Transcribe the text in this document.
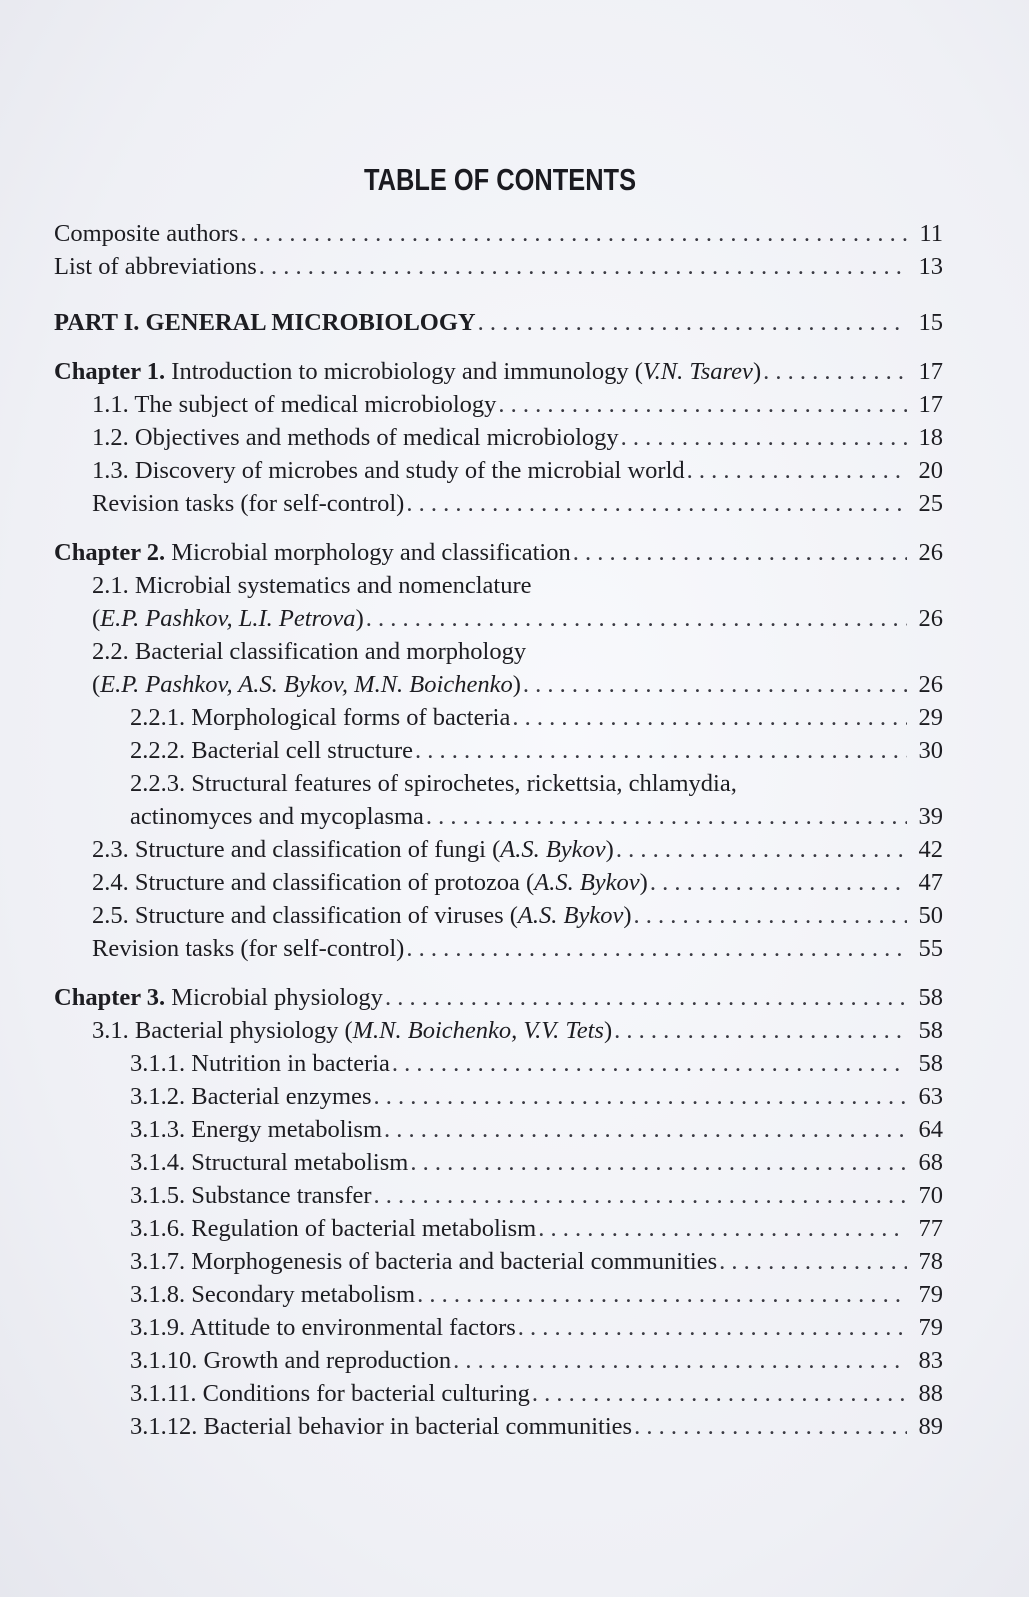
TABLE OF CONTENTS
Composite authors . . .	11
List of abbreviations . . .	13
PART I. GENERAL MICROBIOLOGY . . .	15
Chapter 1. Introduction to microbiology and immunology (V.N. Tsarev) . . .	17
1.1. The subject of medical microbiology . . .	17
1.2. Objectives and methods of medical microbiology . . .	18
1.3. Discovery of microbes and study of the microbial world . . .	20
Revision tasks (for self-control) . . .	25
Chapter 2. Microbial morphology and classification . . .	26
2.1. Microbial systematics and nomenclature
(E.P. Pashkov, L.I. Petrova) . . .	26
2.2. Bacterial classification and morphology
(E.P. Pashkov, A.S. Bykov, M.N. Boichenko) . . .	26
2.2.1. Morphological forms of bacteria . . .	29
2.2.2. Bacterial cell structure . . .	30
2.2.3. Structural features of spirochetes, rickettsia, chlamydia,
actinomyces and mycoplasma . . .	39
2.3. Structure and classification of fungi (A.S. Bykov) . . .	42
2.4. Structure and classification of protozoa (A.S. Bykov) . . .	47
2.5. Structure and classification of viruses (A.S. Bykov) . . .	50
Revision tasks (for self-control) . . .	55
Chapter 3. Microbial physiology . . .	58
3.1. Bacterial physiology (M.N. Boichenko, V.V. Tets) . . .	58
3.1.1. Nutrition in bacteria . . .	58
3.1.2. Bacterial enzymes . . .	63
3.1.3. Energy metabolism . . .	64
3.1.4. Structural metabolism . . .	68
3.1.5. Substance transfer . . .	70
3.1.6. Regulation of bacterial metabolism . . .	77
3.1.7. Morphogenesis of bacteria and bacterial communities . . .	78
3.1.8. Secondary metabolism . . .	79
3.1.9. Attitude to environmental factors . . .	79
3.1.10. Growth and reproduction . . .	83
3.1.11. Conditions for bacterial culturing . . .	88
3.1.12. Bacterial behavior in bacterial communities . . .	89
